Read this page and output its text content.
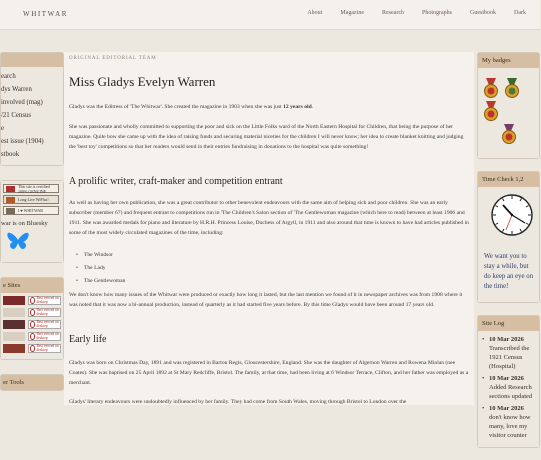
WHITWAR	About	Magazine	Research	Photographs	Guestbook	Dark
earch
dys Warren
involved (mag)
/21 Census
e
est issue (1904)
stbook
This site is certified 100% GENUINE
Long Live WiPlus!
I ♥ WHITWAR
war is on Bluesky
e Sites
Best viewed on desktop
Best viewed on desktop
Best viewed on desktop
Best viewed on desktop
Best viewed on desktop
er Tools
ORIGINAL EDITORIAL TEAM
Miss Gladys Evelyn Warren
Gladys was the Editress of 'The Whitwar'. She created the magazine in 1903 when she was just 12 years old.
She was passionate and wholly committed to supporting the poor and sick on the Little Folks ward of the North Eastern Hospital for Children, that being the purpose of her magazine. Quite how she came up with the idea of raising funds and securing material niceties for the children I will never know; her idea to create blanket knitting and judging the 'best toy' competitions so that her readers would send in their entries fundraising in donations to the hospital was quite something!
A prolific writer, craft-maker and competition entrant
As well as having her own publication, she was a great contributor to other benevolent endeavours with the same aim of helping sick and poor children. She was an early subscriber (member 67) and frequent entrant to competitions run in 'The Children's Salon section of 'The Gentlewoman magazine (which here to read) between at least 1906 and 1911. She was awarded medals for piano and literature by H.R.H. Princess Louise, Duchess of Argyll, in 1911 and also around that time is known to have had articles published in some of the most widely circulated magazines of the time, including:
• The Windsor
• The Lady
• The Gentlewoman
We don't know how many issues of the Whitwar were produced or exactly how long it lasted, but the last mention we found of it in newspaper archives was from 1908 where it was noted that it was now a bi-annual production, instead of quarterly as it had started five years before. By this time Gladys would have been around 17 years old.
Early life
Gladys was born on Christmas Day, 1891 and was registered in Barton Regis, Gloucestershire, England. She was the daughter of Algernon Warren and Rowena Minlan (nee Coates). She was baptised on 25 April 1892 at St Mary Redcliffe, Bristol. The family, at that time, had been living at 6 Windsor Terrace, Clifton, and her father was employed as a merchant.
Gladys' literary endeavours were undoubtedly influenced by her family. They had come from South Wales, moving through Bristol to London over the
My badges
Time Check 1,2
We want you to stay a while, but do keep an eye on the time!
Site Log
• 10 Mar 2026
Transcribed the 1921 Census (Hospital)
• 10 Mar 2026
Added Research sections updated
• 10 Mar 2026
don't know how many, love my visitor counter
